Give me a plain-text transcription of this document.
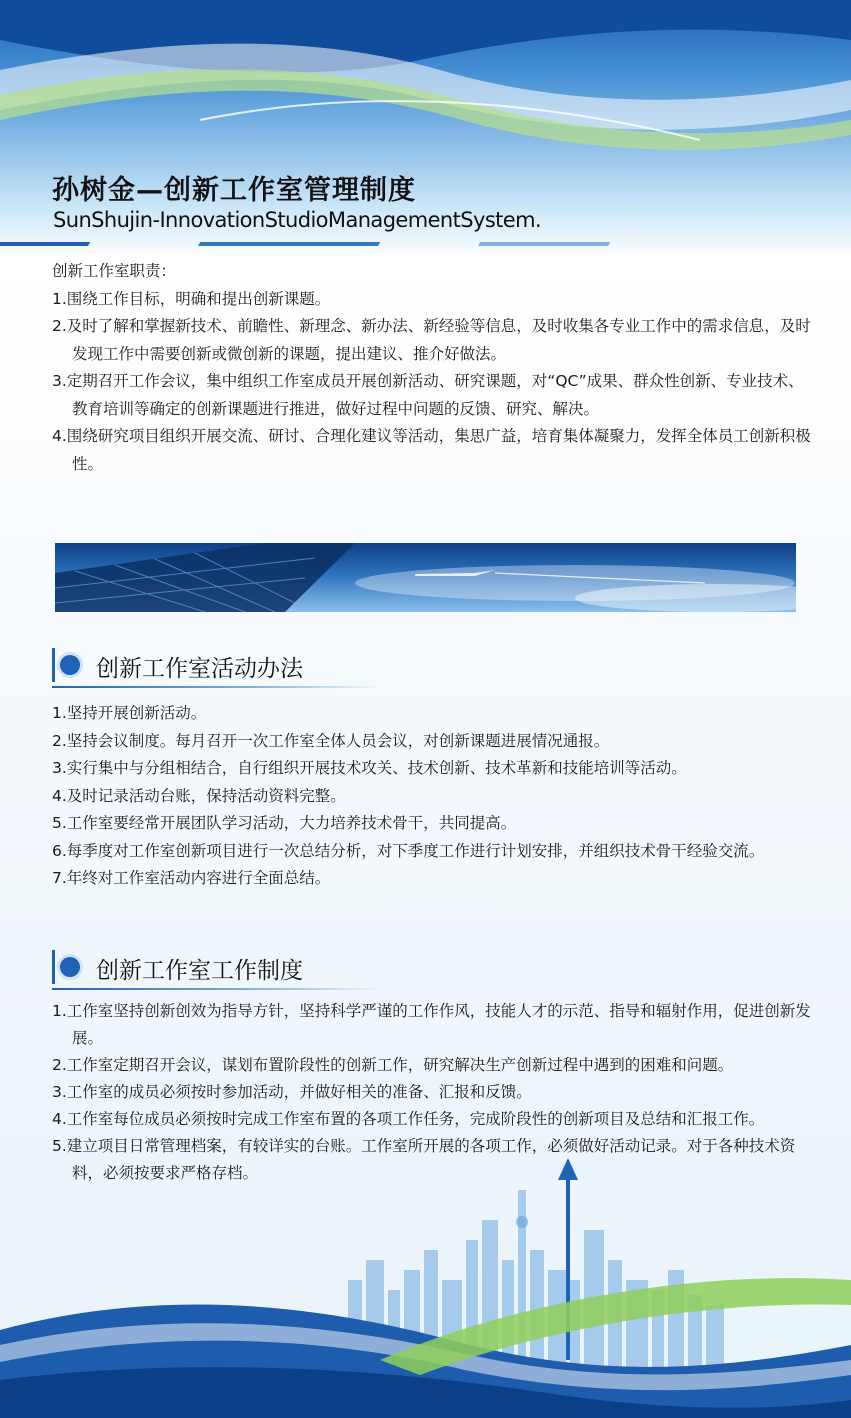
孙树金—创新工作室管理制度
SunShujin-InnovationStudioManagementSystem.
创新工作室职责：
1.围绕工作目标，明确和提出创新课题。
2.及时了解和掌握新技术、前瞻性、新理念、新办法、新经验等信息，及时收集各专业工作中的需求信息，及时发现工作中需要创新或微创新的课题，提出建议、推介好做法。
3.定期召开工作会议，集中组织工作室成员开展创新活动、研究课题，对“QC”成果、群众性创新、专业技术、教育培训等确定的创新课题进行推进，做好过程中问题的反馈、研究、解决。
4.围绕研究项目组织开展交流、研讨、合理化建议等活动，集思广益，培育集体凝聚力，发挥全体员工创新积极性。
创新工作室活动办法
1.坚持开展创新活动。
2.坚持会议制度。每月召开一次工作室全体人员会议，对创新课题进展情况通报。
3.实行集中与分组相结合，自行组织开展技术攻关、技术创新、技术革新和技能培训等活动。
4.及时记录活动台账，保持活动资料完整。
5.工作室要经常开展团队学习活动，大力培养技术骨干，共同提高。
6.每季度对工作室创新项目进行一次总结分析，对下季度工作进行计划安排，并组织技术骨干经验交流。
7.年终对工作室活动内容进行全面总结。
创新工作室工作制度
1.工作室坚持创新创效为指导方针，坚持科学严谨的工作作风，技能人才的示范、指导和辐射作用，促进创新发展。
2.工作室定期召开会议，谋划布置阶段性的创新工作，研究解决生产创新过程中遇到的困难和问题。
3.工作室的成员必须按时参加活动，并做好相关的准备、汇报和反馈。
4.工作室每位成员必须按时完成工作室布置的各项工作任务，完成阶段性的创新项目及总结和汇报工作。
5.建立项目日常管理档案，有较详实的台账。工作室所开展的各项工作，必须做好活动记录。对于各种技术资料，必须按要求严格存档。
